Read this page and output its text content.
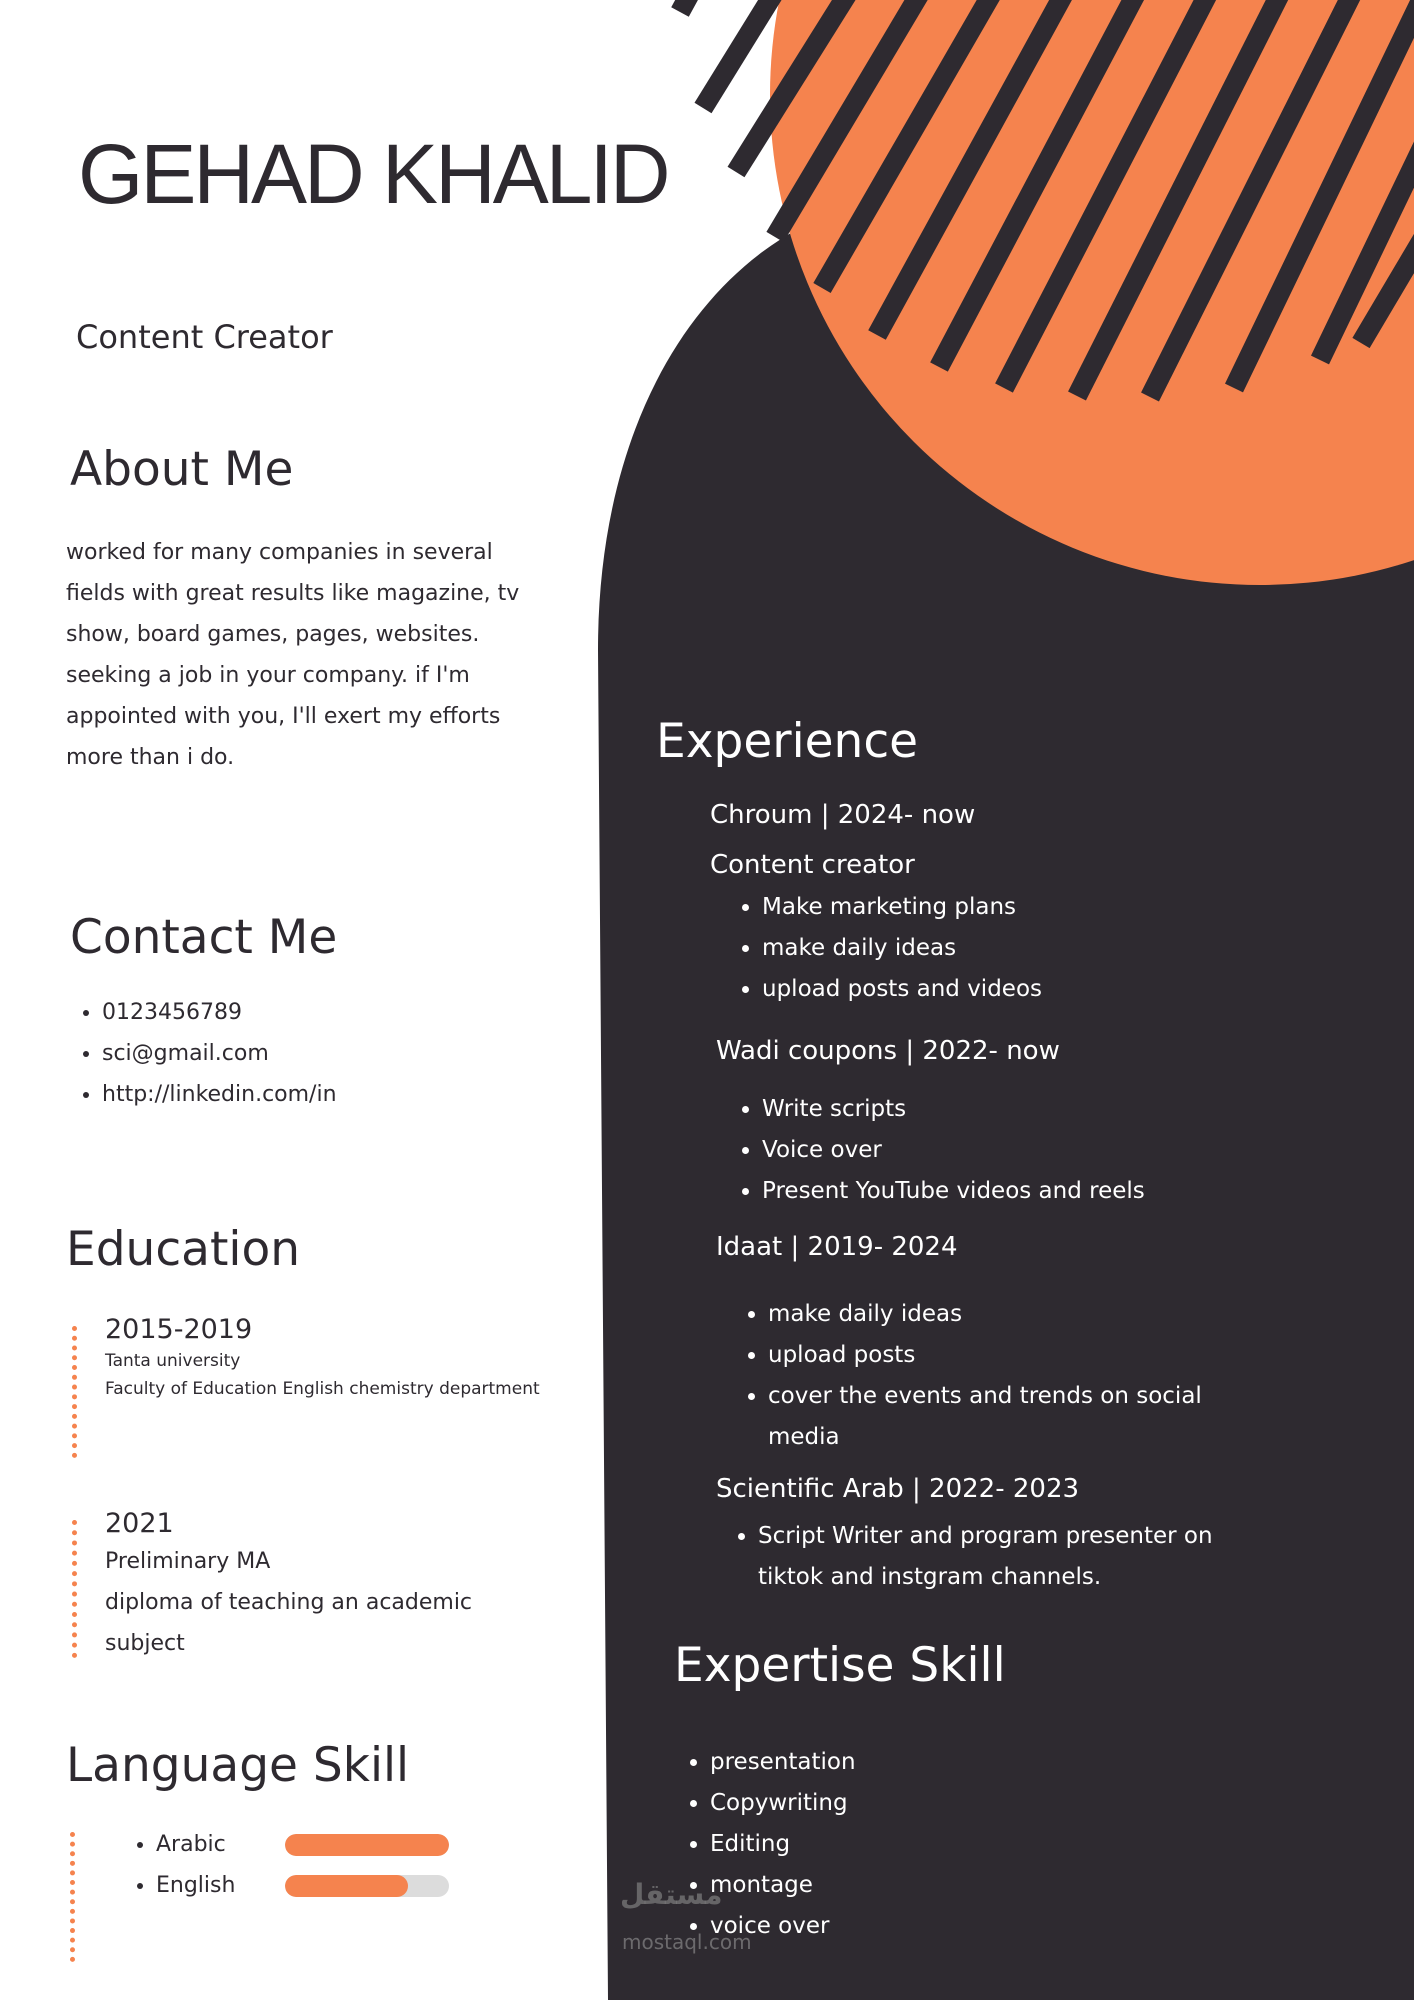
GEHAD KHALID
Content Creator
About Me
worked for many companies in several
fields with great results like magazine, tv
show, board games, pages, websites.
seeking a job in your company. if I'm
appointed with you, I'll exert my efforts
more than i do.
Contact Me
• 0123456789
• sci@gmail.com
• http://linkedin.com/in
Education
2015-2019
Tanta university
Faculty of Education English chemistry department
2021
Preliminary MA
diploma of teaching an academic
subject
Language Skill
• Arabic
• English
Experience
Chroum | 2024- now
Content creator
• Make marketing plans
• make daily ideas
• upload posts and videos
Wadi coupons | 2022- now
• Write scripts
• Voice over
• Present YouTube videos and reels
Idaat | 2019- 2024
• make daily ideas
• upload posts
• cover the events and trends on social
media
Scientific Arab | 2022- 2023
• Script Writer and program presenter on
tiktok and instgram channels.
Expertise Skill
• presentation
• Copywriting
• Editing
• montage
• voice over
مستقل
mostaql.com
